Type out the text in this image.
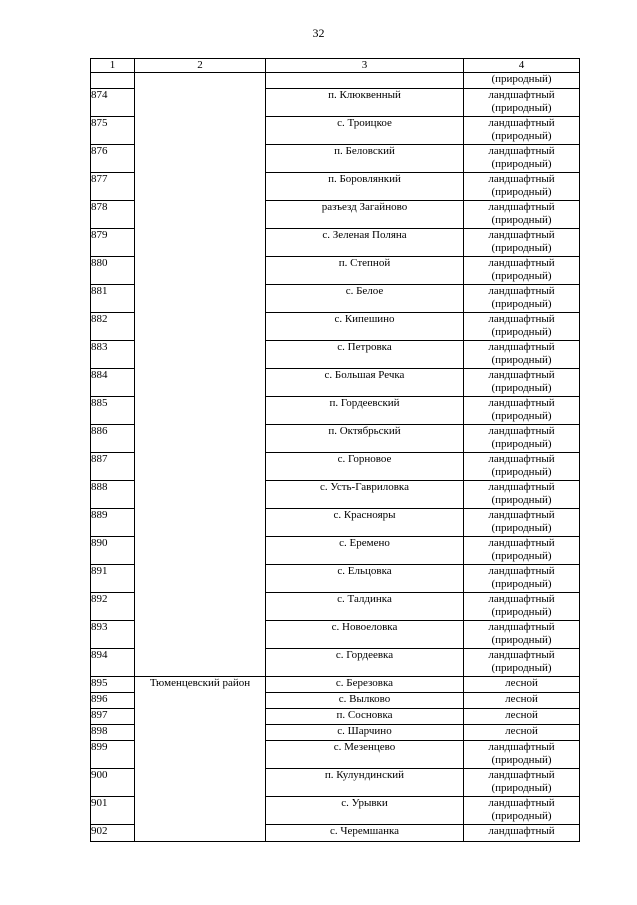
32
1	2	3	4
			(природный)
874		п. Клюквенный	ландшафтный
(природный)

875		с. Троицкое	ландшафтный
(природный)

876		п. Беловский	ландшафтный
(природный)

877		п. Боровлянкий	ландшафтный
(природный)

878		разъезд Загайново	ландшафтный
(природный)

879		с. Зеленая Поляна	ландшафтный
(природный)

880		п. Степной	ландшафтный
(природный)

881		с. Белое	ландшафтный
(природный)

882		с. Кипешино	ландшафтный
(природный)

883		с. Петровка	ландшафтный
(природный)

884		с. Большая Речка	ландшафтный
(природный)

885		п. Гордеевский	ландшафтный
(природный)

886		п. Октябрьский	ландшафтный
(природный)

887		с. Горновое	ландшафтный
(природный)

888		с. Усть-Гавриловка	ландшафтный
(природный)

889		с. Краснояры	ландшафтный
(природный)

890		с. Еремено	ландшафтный
(природный)

891		с. Ельцовка	ландшафтный
(природный)

892		с. Талдинка	ландшафтный
(природный)

893		с. Новоеловка	ландшафтный
(природный)

894		с. Гордеевка	ландшафтный
(природный)

895	Тюменцевский район	с. Березовка	лесной

896		с. Вылково	лесной

897		п. Сосновка	лесной

898		с. Шарчино	лесной

899		с. Мезенцево	ландшафтный
(природный)

900		п. Кулундинский	ландшафтный
(природный)

901		с. Урывки	ландшафтный
(природный)

902		с. Черемшанка	ландшафтный
